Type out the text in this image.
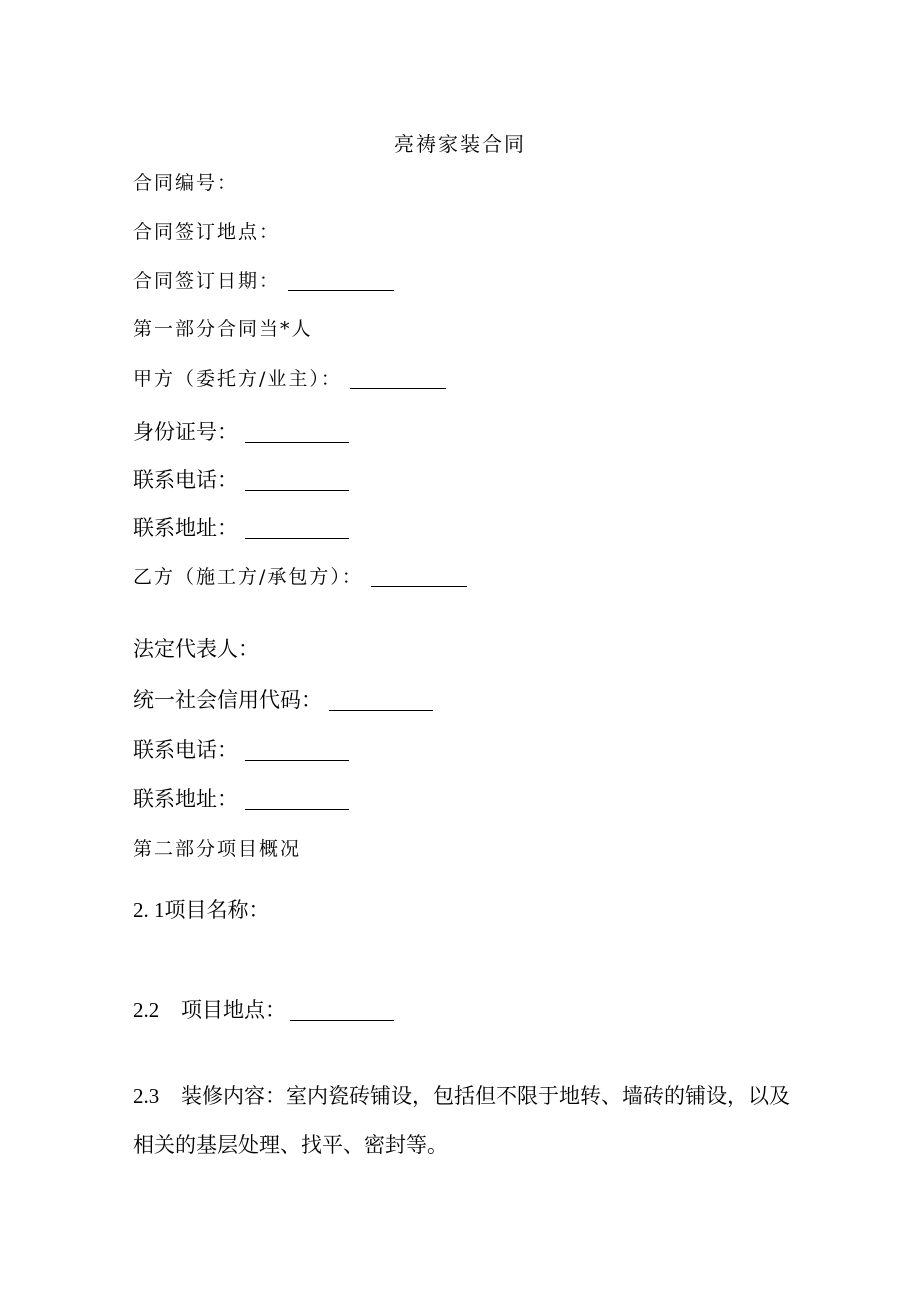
亮祷家装合同
合同编号：
合同签订地点：
合同签订日期：
第一部分合同当*人
甲方（委托方/业主）：
身份证号：
联系电话：
联系地址：
乙方（施工方/承包方）：
法定代表人：
统一社会信用代码：
联系电话：
联系地址：
第二部分项目概况
2. 1项目名称：
2.2 项目地点：
2.3 装修内容：室内瓷砖铺设，包括但不限于地转、墙砖的铺设，以及相关的基层处理、找平、密封等。
